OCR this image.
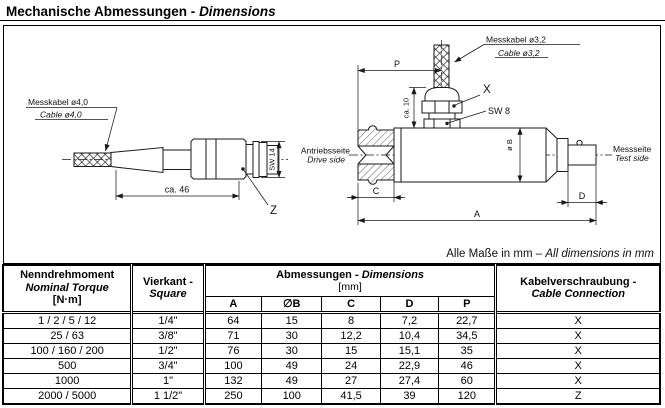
Mechanische Abmessungen - Dimensions
SW 14
ca. 46
Z
Messkabel ø4,0
Cable ø4,0
P
ca. 10
ø B
C	D
A
X
SW 8
Messkabel ø3,2
Cable ø3,2
Antriebsseite
Drive side
Messseite
Test side
Alle Maße in mm – All dimensions in mm
Nenndrehmoment
Nominal Torque
[N·m]

Vierkant -
Square

Abmessungen - Dimensions
[mm]	Kabelverschraubung -
Cable Connection

		A	∅B	C	D	P	
1 / 2 / 5 / 12	1/4"	64	15	8	7,2	22,7	X
25 / 63	3/8"	71	30	12,2	10,4	34,5	X
100 / 160 / 200	1/2"	76	30	15	15,1	35	X
500	3/4"	100	49	24	22,9	46	X
1000	1"	132	49	27	27,4	60	X
2000 / 5000	1 1/2"	250	100	41,5	39	120	Z
